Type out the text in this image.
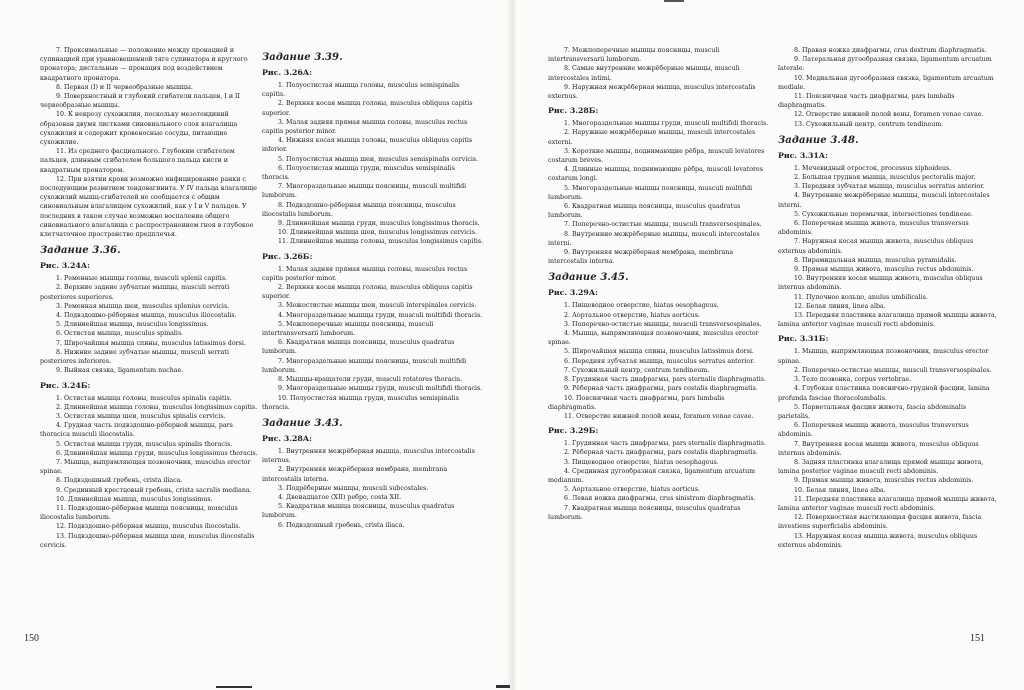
7. Проксимальные — положение между пронацией и супинацией при уравновешенной тяге супинатора и круглого пронатора; дистальные — пронация под воздействием квадратного пронатора.

8. Первая (I) и II червеобразные мышцы.

9. Поверхностный и глубокий сгибатели пальцев, I и II червеобразные мышцы.

10. К некрозу сухожилия, поскольку мезотендиний образован двумя листками синовиального слоя влагалища сухожилия и содержит кровеносные сосуды, питающие сухожилие.

11. Из среднего фасциального. Глубоким сгибателем пальцев, длинным сгибателем большого пальца кисти и квадратным пронатором.

12. При взятии крови возможно инфицирование ранки с последующим развитием тендовагинита. У IV пальца влагалище сухожилий мышц-сгибателей не сообщается с общим синовиальным влагалищем сухожилий, как у I и V пальцев. У последних в таком случае возможно воспаление общего синовиального влагалища с распространением гноя в глубокое клетчаточное пространство предплечья.

Задание 3.36.
Рис. 3.24А:

1. Ременные мышцы головы, musculi splenii capitis.

2. Верхние задние зубчатые мышцы, musculi serrati posteriores superiores.

3. Ременная мышца шеи, musculus splenius cervicis.

4. Подвздошно-рёберная мышца, musculus iliocostalis.

5. Длиннейшая мышца, musculus longissimus.

6. Остистая мышца, musculus spinalis.

7. Широчайшая мышца спины, musculus latissimus dorsi.

8. Нижние задние зубчатые мышцы, musculi serrati posteriores inferiores.

9. Выйная связка, ligamentum nuchae.

Рис. 3.24Б:

1. Остистая мышца головы, musculus spinalis capitis.

2. Длиннейшая мышца головы, musculus longissimus capitis.

3. Остистая мышца шеи, musculus spinalis cervicis.

4. Грудная часть подвздошно-рёберной мышцы, pars thoracica musculi iliocostalis.

5. Остистая мышца груди, musculus spinalis thoracis.

6. Длиннейшая мышца груди, musculus longissimus thoracis.

7. Мышца, выпрямляющая позвоночник, musculus erector spinae.

8. Подвздошный гребень, crista iliaca.

9. Срединный крестцовый гребень, crista sacralis mediana.

10. Длиннейшая мышца, musculus longissimus.

11. Подвздошно-рёберная мышца поясницы, musculus iliocostalis lumborum.

12. Подвздошно-рёберная мышца, musculus iliocostalis.

13. Подвздошно-рёберная мышца шеи, musculus iliocostalis cervicis.

Задание 3.39.
Рис. 3.26А:

1. Полуостистая мышца головы, musculus semispinalis capitis.

2. Верхняя косая мышца головы, musculus obliquus capitis superior.

3. Малая задняя прямая мышца головы, musculus rectus capitis posterior minor.

4. Нижняя косая мышца головы, musculus obliquus capitis inferior.

5. Полуостистая мышца шеи, musculus semispinalis cervicis.

6. Полуостистая мышца груди, musculus semispinalis thoracis.

7. Многораздельные мышцы поясницы, musculi multifidi lumborum.

8. Подвздошно-рёберная мышца поясницы, musculus iliocostalis lumborum.

9. Длиннейшая мышца груди, musculus longissimus thoracis.

10. Длиннейшая мышца шеи, musculus longissimus cervicis.

11. Длиннейшая мышца головы, musculus longissimus capitis.

Рис. 3.26Б:

1. Малая задняя прямая мышца головы, musculus rectus capitis posterior minor.

2. Верхняя косая мышца головы, musculus obliquus capitis superior.

3. Межостистые мышцы шеи, musculi interspinales cervicis.

4. Многораздельные мышцы груди, musculi multifidi thoracis.

5. Межпоперечные мышцы поясницы, musculi intertransversarii lumborum.

6. Квадратная мышца поясницы, musculus quadratus lumborum.

7. Многораздельные мышцы поясницы, musculi multifidi lumborum.

8. Мышцы-вращатели груди, musculi rotatores thoracis.

9. Многораздельные мышцы груди, musculi multifidi thoracis.

10. Полуостистая мышца груди, musculus semispinalis thoracis.

Задание 3.43.
Рис. 3.28А:

1. Внутренняя межрёберная мышца, musculus intercostalis internus.

2. Внутренняя межрёберная мембрана, membrana intercostalis interna.

3. Подрёберные мышцы, musculi subcostales.

4. Двенадцатое (XII) ребро, costa XII.

5. Квадратная мышца поясницы, musculus quadratus lumborum.

6. Подвздошный гребень, crista iliaca.

7. Межпоперечные мышцы поясницы, musculi intertransversarii lumborum.

8. Самые внутренние межрёберные мышцы, musculi intercostales intimi.

9. Наружная межрёберная мышца, musculus intercostalis externus.

Рис. 3.28Б:

1. Многораздельные мышцы груди, musculi multifidi thoracis.

2. Наружные межрёберные мышцы, musculi intercostales externi.

3. Короткие мышцы, поднимающие рёбра, musculi levatores costarum breves.

4. Длинные мышцы, поднимающие рёбра, musculi levatores costarum longi.

5. Многораздельные мышцы поясницы, musculi multifidi lumborum.

6. Квадратная мышца поясницы, musculus quadratus lumborum.

7. Поперечно-остистые мышцы, musculi transversospinales.

8. Внутренние межрёберные мышцы, musculi intercostales interni.

9. Внутренняя межрёберная мембрана, membrana intercostalis interna.

Задание 3.45.
Рис. 3.29А:

1. Пищеводное отверстие, hiatus oesophageus.

2. Аортальное отверстие, hiatus aorticus.

3. Поперечно-остистые мышцы, musculi transversospinales.

4. Мышца, выпрямляющая позвоночник, musculus erector spinae.

5. Широчайшая мышца спины, musculus latissimus dorsi.

6. Передняя зубчатая мышца, musculus serratus anterior.

7. Сухожильный центр, centrum tendineum.

8. Грудинная часть диафрагмы, pars sternalis diaphragmatis.

9. Рёберная часть диафрагмы, pars costalis diaphragmatis.

10. Поясничная часть диафрагмы, pars lumbalis diaphragmatis.

11. Отверстие нижней полой вены, foramen venae cavae.

Рис. 3.29Б:

1. Грудинная часть диафрагмы, pars sternalis diaphragmatis.

2. Рёберная часть диафрагмы, pars costalis diaphragmatis.

3. Пищеводное отверстие, hiatus oesophageus.

4. Срединная дугообразная связка, ligamentum arcuatum medianum.

5. Аортальное отверстие, hiatus aorticus.

6. Левая ножка диафрагмы, crus sinistrum diaphragmatis.

7. Квадратная мышца поясницы, musculus quadratus lumborum.

8. Правая ножка диафрагмы, crus dextrum diaphragmatis.

9. Латеральная дугообразная связка, ligamentum arcuatum laterale.

10. Медиальная дугообразная связка, ligamentum arcuatum mediale.

11. Поясничная часть диафрагмы, pars lumbalis diaphragmatis.

12. Отверстие нижней полой вены, foramen venae cavae.

13. Сухожильный центр, centrum tendineum.

Задание 3.48.
Рис. 3.31А:

1. Мечевидный отросток, processus xiphoideus.

2. Большая грудная мышца, musculus pectoralis major.

3. Передняя зубчатая мышца, musculus serratus anterior.

4. Внутренние межрёберные мышцы, musculi intercostales interni.

5. Сухожильные перемычки, intersectiones tendineae.

6. Поперечная мышца живота, musculus transversus abdominis.

7. Наружная косая мышца живота, musculus obliquus externus abdominis.

8. Пирамидальная мышца, musculus pyramidalis.

9. Прямая мышца живота, musculus rectus abdominis.

10. Внутренняя косая мышца живота, musculus obliquus internus abdominis.

11. Пупочное кольцо, anulus umbilicalis.

12. Белая линия, linea alba.

13. Передняя пластинка влагалища прямой мышцы живота, lamina anterior vaginae musculi recti abdominis.

Рис. 3.31Б:

1. Мышца, выпрямляющая позвоночник, musculus erector spinae.

2. Поперечно-остистые мышцы, musculi transversospinales.

3. Тело позвонка, corpus vertebrae.

4. Глубокая пластинка пояснично-грудной фасции, lamina profunda fasciae thoracolumbalis.

5. Париетальная фасция живота, fascia abdominalis parietalis.

6. Поперечная мышца живота, musculus transversus abdominis.

7. Внутренняя косая мышца живота, musculus obliquus internus abdominis.

8. Задняя пластинка влагалища прямой мышцы живота, lamina posterior vaginae musculi recti abdominis.

9. Прямая мышца живота, musculus rectus abdominis.

10. Белая линия, linea alba.

11. Передняя пластинка влагалища прямой мышцы живота, lamina anterior vaginae musculi recti abdominis.

12. Поверхностная выстилающая фасция живота, fascia investiens superficialis abdominis.

13. Наружная косая мышца живота, musculus obliquus externus abdominis.

150	151
